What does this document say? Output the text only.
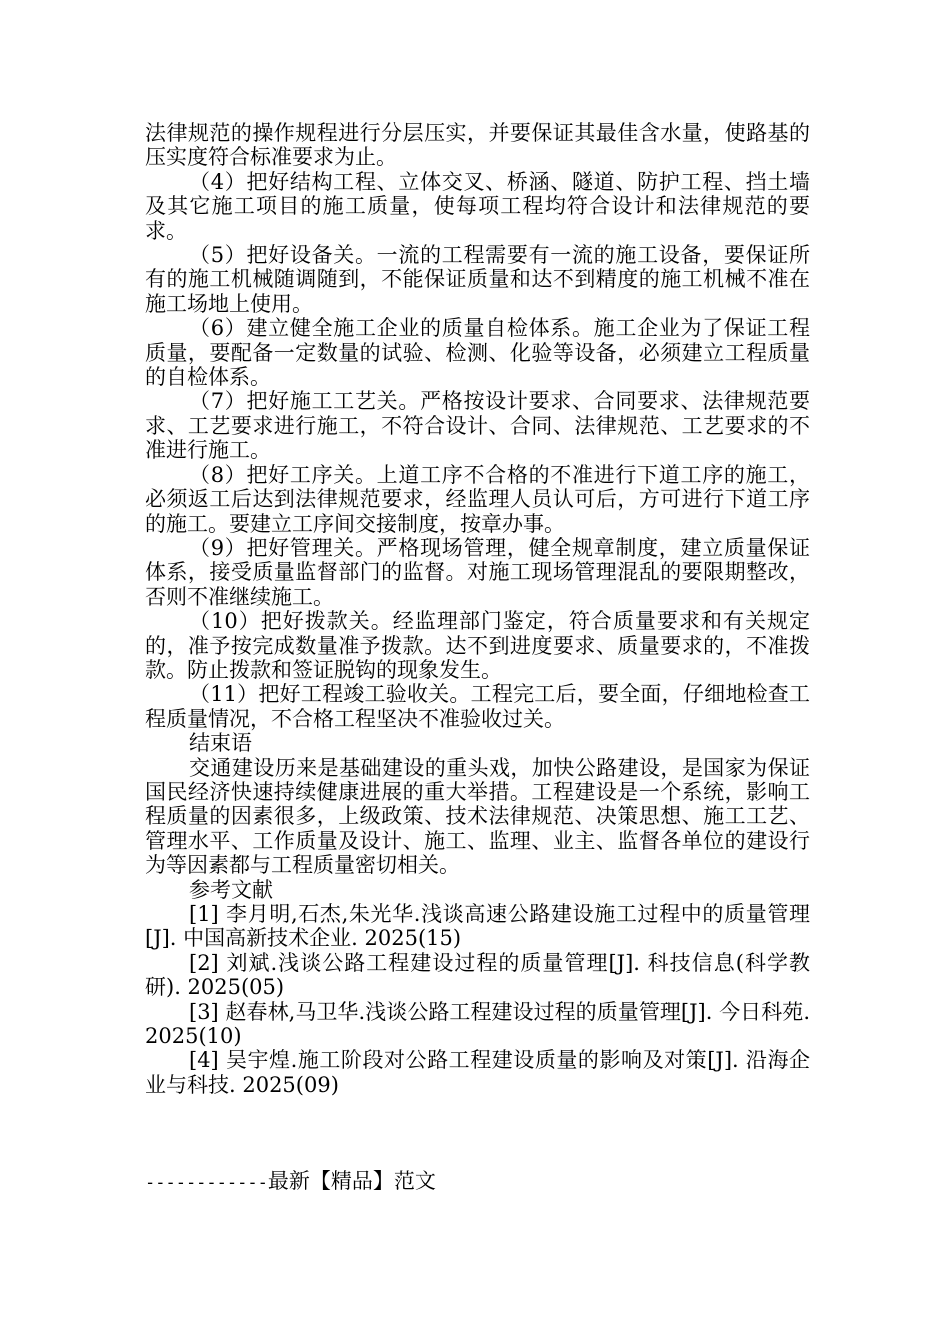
法律规范的操作规程进行分层压实，并要保证其最佳含水量，使路基的压实度符合标准要求为止。

（4）把好结构工程、立体交叉、桥涵、隧道、防护工程、挡土墙及其它施工项目的施工质量，使每项工程均符合设计和法律规范的要求。

（5）把好设备关。一流的工程需要有一流的施工设备，要保证所有的施工机械随调随到，不能保证质量和达不到精度的施工机械不准在施工场地上使用。

（6）建立健全施工企业的质量自检体系。施工企业为了保证工程质量，要配备一定数量的试验、检测、化验等设备，必须建立工程质量的自检体系。

（7）把好施工工艺关。严格按设计要求、合同要求、法律规范要求、工艺要求进行施工，不符合设计、合同、法律规范、工艺要求的不准进行施工。

（8）把好工序关。上道工序不合格的不准进行下道工序的施工，必须返工后达到法律规范要求，经监理人员认可后，方可进行下道工序的施工。要建立工序间交接制度，按章办事。

（9）把好管理关。严格现场管理，健全规章制度，建立质量保证体系，接受质量监督部门的监督。对施工现场管理混乱的要限期整改，否则不准继续施工。

（10）把好拨款关。经监理部门鉴定，符合质量要求和有关规定的，准予按完成数量准予拨款。达不到进度要求、质量要求的，不准拨款。防止拨款和签证脱钩的现象发生。

（11）把好工程竣工验收关。工程完工后，要全面，仔细地检查工程质量情况，不合格工程坚决不准验收过关。

结束语

交通建设历来是基础建设的重头戏，加快公路建设，是国家为保证国民经济快速持续健康进展的重大举措。工程建设是一个系统，影响工程质量的因素很多，上级政策、技术法律规范、决策思想、施工工艺、管理水平、工作质量及设计、施工、监理、业主、监督各单位的建设行为等因素都与工程质量密切相关。

参考文献

[1] 李月明,石杰,朱光华.浅谈高速公路建设施工过程中的质量管理[J]. 中国高新技术企业. 2025(15)

[2] 刘斌.浅谈公路工程建设过程的质量管理[J]. 科技信息(科学教研). 2025(05)

[3] 赵春林,马卫华.浅谈公路工程建设过程的质量管理[J]. 今日科苑. 2025(10)

[4] 吴宇煌.施工阶段对公路工程建设质量的影响及对策[J]. 沿海企业与科技. 2025(09)

------------最新【精品】范文
